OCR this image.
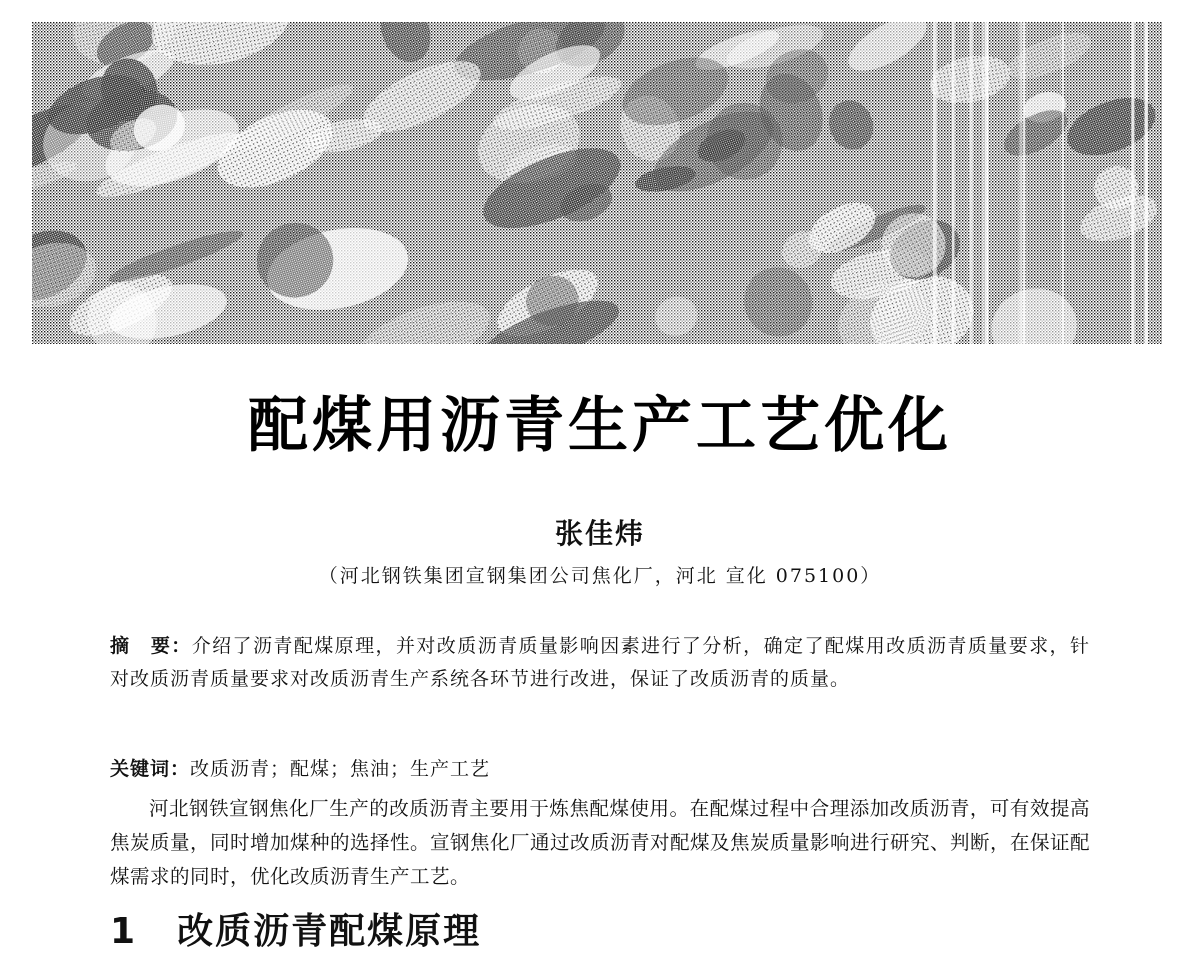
配煤用沥青生产工艺优化
张佳炜
（河北钢铁集团宣钢集团公司焦化厂，河北 宣化 075100）
摘　要：介绍了沥青配煤原理，并对改质沥青质量影响因素进行了分析，确定了配煤用改质沥青质量要求，针对改质沥青质量要求对改质沥青生产系统各环节进行改进，保证了改质沥青的质量。
关键词：改质沥青；配煤；焦油；生产工艺
河北钢铁宣钢焦化厂生产的改质沥青主要用于炼焦配煤使用。在配煤过程中合理添加改质沥青，可有效提高焦炭质量，同时增加煤种的选择性。宣钢焦化厂通过改质沥青对配煤及焦炭质量影响进行研究、判断，在保证配煤需求的同时，优化改质沥青生产工艺。
1 改质沥青配煤原理
